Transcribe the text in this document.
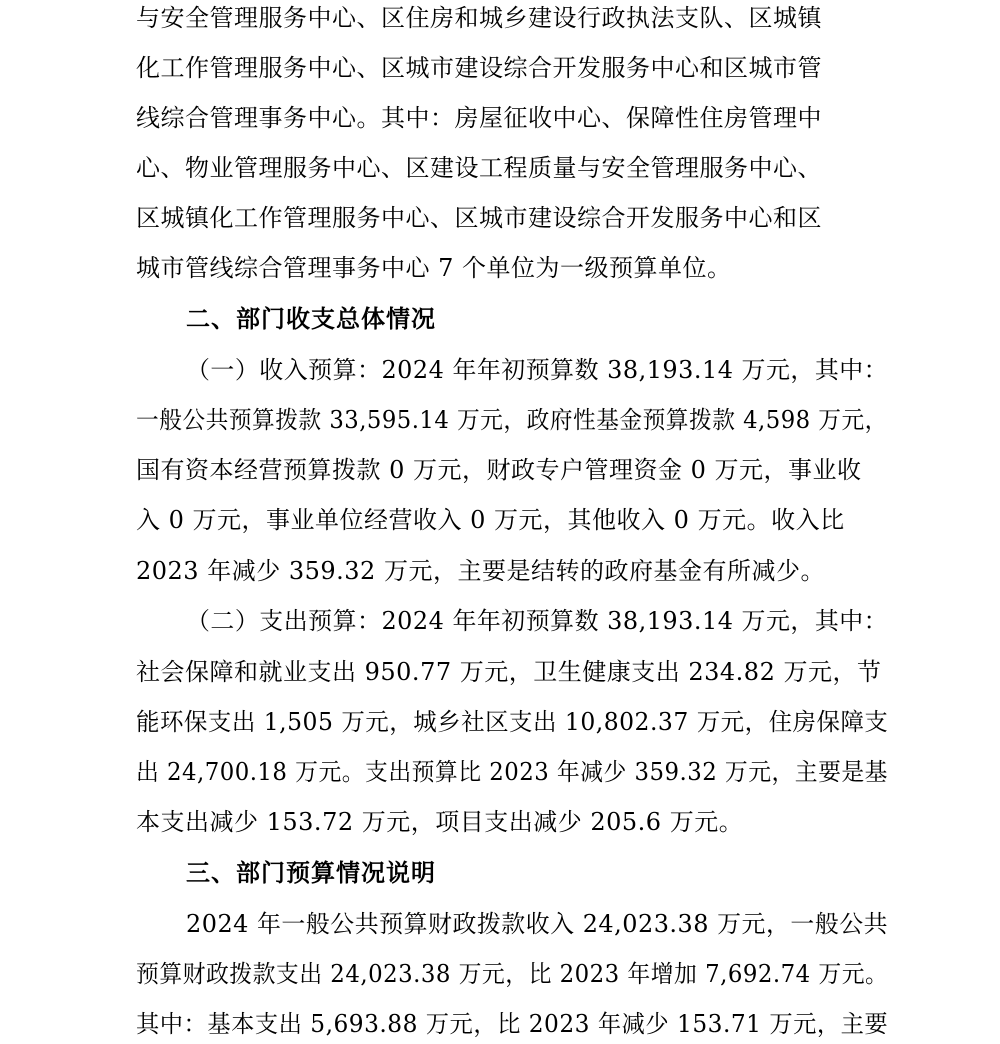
与安全管理服务中心、区住房和城乡建设行政执法支队、区城镇
化工作管理服务中心、区城市建设综合开发服务中心和区城市管
线综合管理事务中心。其中：房屋征收中心、保障性住房管理中
心、物业管理服务中心、区建设工程质量与安全管理服务中心、
区城镇化工作管理服务中心、区城市建设综合开发服务中心和区
城市管线综合管理事务中心 7 个单位为一级预算单位。
二、部门收支总体情况
（一）收入预算：2024 年年初预算数 38,193.14 万元，其中：
一般公共预算拨款 33,595.14 万元，政府性基金预算拨款 4,598 万元，
国有资本经营预算拨款 0 万元，财政专户管理资金 0 万元，事业收
入 0 万元，事业单位经营收入 0 万元，其他收入 0 万元。收入比
2023 年减少 359.32 万元，主要是结转的政府基金有所减少。
（二）支出预算：2024 年年初预算数 38,193.14 万元，其中：
社会保障和就业支出 950.77 万元，卫生健康支出 234.82 万元，节
能环保支出 1,505 万元，城乡社区支出 10,802.37 万元，住房保障支
出 24,700.18 万元。支出预算比 2023 年减少 359.32 万元，主要是基
本支出减少 153.72 万元，项目支出减少 205.6 万元。
三、部门预算情况说明
2024 年一般公共预算财政拨款收入 24,023.38 万元，一般公共
预算财政拨款支出 24,023.38 万元，比 2023 年增加 7,692.74 万元。
其中：基本支出 5,693.88 万元，比 2023 年减少 153.71 万元，主要
